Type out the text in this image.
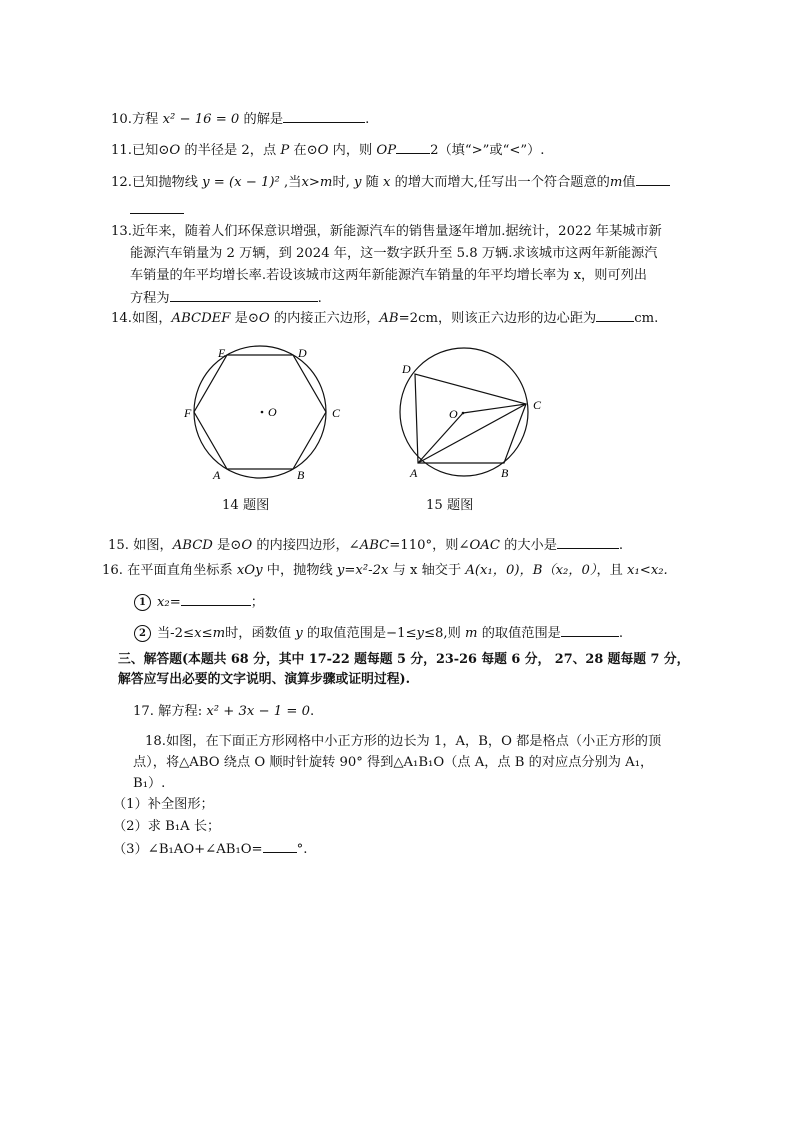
10.方程 x² − 16 = 0 的解是	.
11.已知⊙O 的半径是 2，点 P 在⊙O 内，则 OP	2（填“>”或“<”）.
12.已知抛物线 y = (x − 1)² ,当x>m时, y 随 x 的增大而增大,任写出一个符合题意的m值
13.近年来，随着人们环保意识增强，新能源汽车的销售量逐年增加.据统计，2022 年某城市新
能源汽车销量为 2 万辆，到 2024 年，这一数字跃升至 5.8 万辆.求该城市这两年新能源汽
车销量的年平均增长率.若设该城市这两年新能源汽车销量的年平均增长率为 x，则可列出
方程为	.
14.如图，ABCDEF 是⊙O 的内接正六边形，AB=2cm，则该正六边形的边心距为	cm.
E	D
F	C
O
A	B
14 题图
D
C
O
A	B
15 题图
15. 如图，ABCD 是⊙O 的内接四边形，∠ABC=110°，则∠OAC 的大小是	.
16. 在平面直角坐标系 xOy 中，抛物线 y=x²-2x 与 x 轴交于 A(x₁，0)，B（x₂，0），且 x₁<x₂.
1 x₂=	；
2 当-2≤x≤m时，函数值 y 的取值范围是−1≤y≤8,则 m 的取值范围是	.
三、解答题(本题共 68 分，其中 17-22 题每题 5 分，23-26 每题 6 分， 27、28 题每题 7 分，
解答应写出必要的文字说明、演算步骤或证明过程).
17. 解方程: x² + 3x − 1 = 0.
18.如图，在下面正方形网格中小正方形的边长为 1，A，B，O 都是格点（小正方形的顶
点），将△ABO 绕点 O 顺时针旋转 90° 得到△A₁B₁O（点 A，点 B 的对应点分别为 A₁，
B₁）.
（1）补全图形；
（2）求 B₁A 长；
（3）∠B₁AO+∠AB₁O=	°.
